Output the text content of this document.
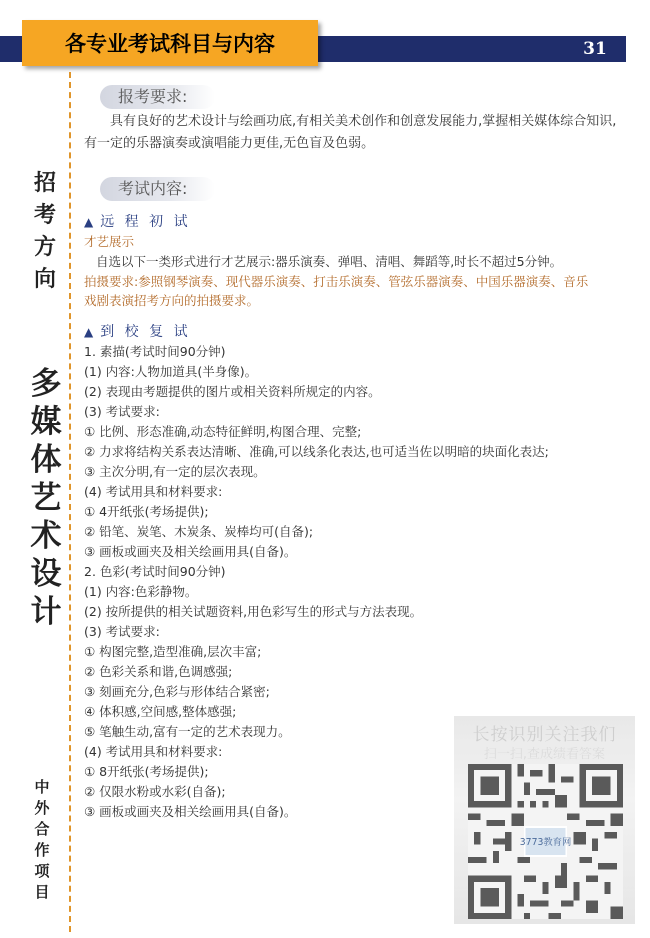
各专业考试科目与内容	31
招
考
方
向
多
媒
体
艺
术
设
计
中
外
合
作
项
目
报考要求:
具有良好的艺术设计与绘画功底,有相关美术创作和创意发展能力,掌握相关媒体综合知识,有一定的乐器演奏或演唱能力更佳,无色盲及色弱。
考试内容:
▲ 远 程 初 试
才艺展示
自选以下一类形式进行才艺展示:器乐演奏、弹唱、清唱、舞蹈等,时长不超过5分钟。
拍摄要求:参照钢琴演奏、现代器乐演奏、打击乐演奏、管弦乐器演奏、中国乐器演奏、音乐
戏剧表演招考方向的拍摄要求。
▲ 到 校 复 试
1. 素描(考试时间90分钟)
(1) 内容:人物加道具(半身像)。
(2) 表现由考题提供的图片或相关资料所规定的内容。
(3) 考试要求:
① 比例、形态准确,动态特征鲜明,构图合理、完整;
② 力求将结构关系表达清晰、准确,可以线条化表达,也可适当佐以明暗的块面化表达;
③ 主次分明,有一定的层次表现。
(4) 考试用具和材料要求:
① 4开纸张(考场提供);
② 铅笔、炭笔、木炭条、炭棒均可(自备);
③ 画板或画夹及相关绘画用具(自备)。
2. 色彩(考试时间90分钟)
(1) 内容:色彩静物。
(2) 按所提供的相关试题资料,用色彩写生的形式与方法表现。
(3) 考试要求:
① 构图完整,造型准确,层次丰富;
② 色彩关系和谐,色调感强;
③ 刻画充分,色彩与形体结合紧密;
④ 体积感,空间感,整体感强;
⑤ 笔触生动,富有一定的艺术表现力。
(4) 考试用具和材料要求:
① 8开纸张(考场提供);
② 仅限水粉或水彩(自备);
③ 画板或画夹及相关绘画用具(自备)。
长按识别关注我们
扫一扫,查成绩看答案
3773教育网
